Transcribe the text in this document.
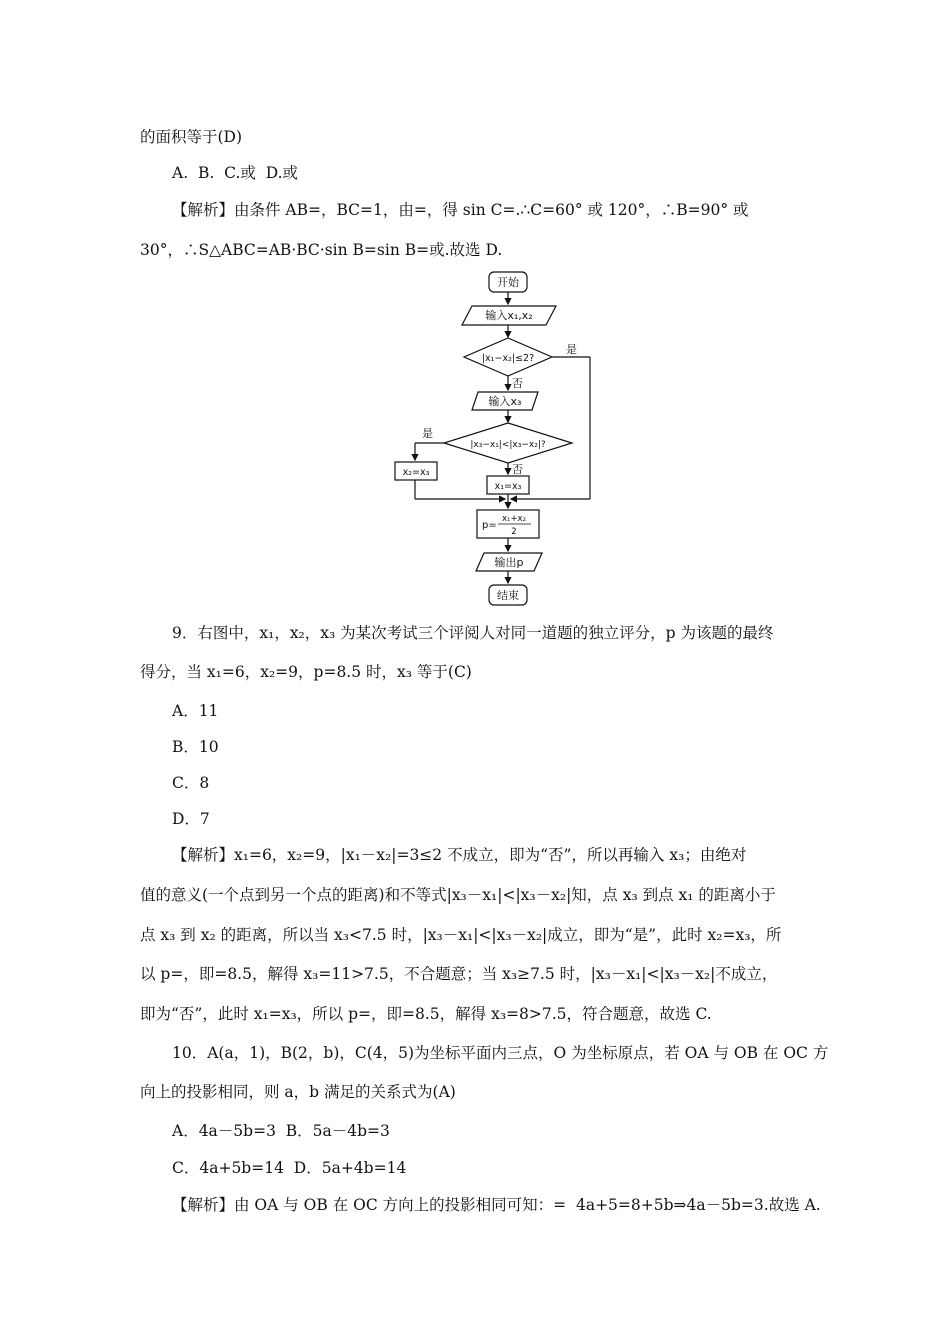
的面积等于(D)
A.  B.  C.或  D.或
【解析】由条件 AB=，BC=1，由=，得 sin C=.∴C=60° 或 120°，∴B=90° 或
30°，∴S△ABC=AB·BC·sin B=sin B=或.故选 D.
开始
输入x₁,x₂
|x₁−x₂|≤2?
是
否
输入x₃
|x₃−x₁|<|x₃−x₂|?
是
否
x₂=x₃
x₁=x₃
p=
x₁+x₂
2
输出p
结束
9．右图中，x₁，x₂，x₃ 为某次考试三个评阅人对同一道题的独立评分，p 为该题的最终
得分，当 x₁=6，x₂=9，p=8.5 时，x₃ 等于(C)
A．11
B．10
C．8
D．7
【解析】x₁=6，x₂=9，|x₁－x₂|=3≤2 不成立，即为“否”，所以再输入 x₃；由绝对
值的意义(一个点到另一个点的距离)和不等式|x₃－x₁|<|x₃－x₂|知，点 x₃ 到点 x₁ 的距离小于
点 x₃ 到 x₂ 的距离，所以当 x₃<7.5 时，|x₃－x₁|<|x₃－x₂|成立，即为“是”，此时 x₂=x₃，所
以 p=，即=8.5，解得 x₃=11>7.5，不合题意；当 x₃≥7.5 时，|x₃－x₁|<|x₃－x₂|不成立，
即为“否”，此时 x₁=x₃，所以 p=，即=8.5，解得 x₃=8>7.5，符合题意，故选 C.
10．A(a，1)，B(2，b)，C(4，5)为坐标平面内三点，O 为坐标原点，若 OA 与 OB 在 OC 方
向上的投影相同，则 a，b 满足的关系式为(A)
A．4a－5b=3  B．5a－4b=3
C．4a+5b=14  D．5a+4b=14
【解析】由 OA 与 OB 在 OC 方向上的投影相同可知：=  4a+5=8+5b⇒4a－5b=3.故选 A.
